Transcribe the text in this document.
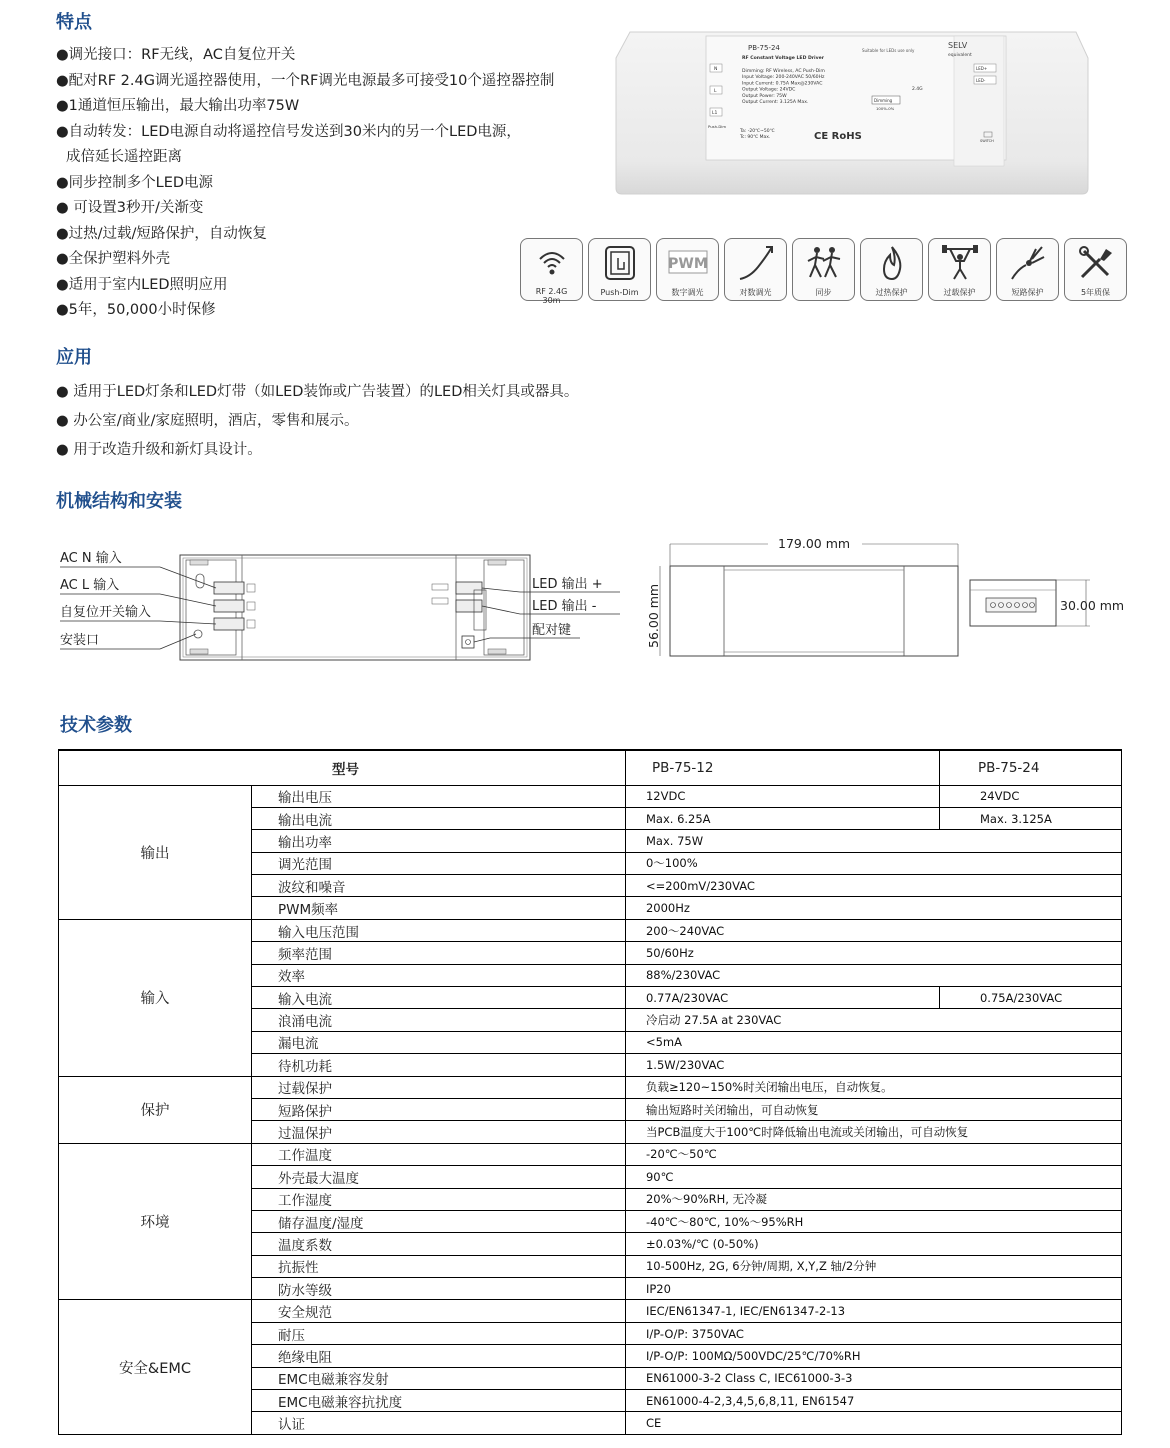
特点
●调光接口：RF无线，AC自复位开关
●配对RF 2.4G调光遥控器使用，一个RF调光电源最多可接受10个遥控器控制
●1通道恒压输出，最大输出功率75W
●自动转发：LED电源自动将遥控信号发送到30米内的另一个LED电源，
成倍延长遥控距离
●同步控制多个LED电源
● 可设置3秒开/关渐变
●过热/过载/短路保护，自动恢复
●全保护塑料外壳
●适用于室内LED照明应用
●5年，50,000小时保修
PB-75-24
RF Constant Voltage LED Driver
Suitable for LEDs use only
SELV
equivalent
Dimming: RF Wireless, AC Push-Dim
Input Voltage: 200-240VAC 50/60Hz
Input Current: 0.75A Max@230VAC
Output Voltage: 24VDC
Output Power: 75W
Output Current: 3.125A Max.
Ta: -20℃~50℃
Tc: 90℃ Max.	CE RoHS
N
L
L1
Push-Dim
LED+
LED-
2.4G
Dimming
100%-0%
SWITCH
RF 2.4G
30m
Push-Dim
PWM
数字调光	对数调光	同步	过热保护	过载保护	短路保护	5年质保
应用
● 适用于LED灯条和LED灯带（如LED装饰或广告装置）的LED相关灯具或器具。
● 办公室/商业/家庭照明，酒店，零售和展示。
● 用于改造升级和新灯具设计。
机械结构和安装
AC N 输入
AC L 输入
自复位开关输入
安装口
LED 输出 +
LED 输出 -
配对键
179.00 mm
56.00 mm	30.00 mm
技术参数
型号		PB-75-12	PB-75-24
输出	输出电压	12VDC	24VDC
	输出电流	Max. 6.25A	Max. 3.125A
	输出功率	Max. 75W	
	调光范围	0～100%	
	波纹和噪音	<=200mV/230VAC	
	PWM频率	2000Hz	
输入	输入电压范围	200～240VAC	
	频率范围	50/60Hz	
	效率	88%/230VAC	
	输入电流	0.77A/230VAC	0.75A/230VAC
	浪涌电流	冷启动 27.5A at 230VAC	
	漏电流	<5mA	
	待机功耗	1.5W/230VAC	
保护	过载保护	负载≥120~150%时关闭输出电压，自动恢复。	
	短路保护	输出短路时关闭输出，可自动恢复	
	过温保护	当PCB温度大于100℃时降低输出电流或关闭输出，可自动恢复	
环境	工作温度	-20℃～50℃	
	外壳最大温度	90℃	
	工作湿度	20%～90%RH, 无冷凝	
	储存温度/湿度	-40℃～80℃, 10%～95%RH	
	温度系数	±0.03%/℃ (0-50%)	
	抗振性	10-500Hz, 2G, 6分钟/周期, X,Y,Z 轴/2分钟	
	防水等级	IP20	
安全&EMC	安全规范	IEC/EN61347-1, IEC/EN61347-2-13	
	耐压	I/P-O/P: 3750VAC	
	绝缘电阻	I/P-O/P: 100MΩ/500VDC/25℃/70%RH	
	EMC电磁兼容发射	EN61000-3-2 Class C, IEC61000-3-3	
	EMC电磁兼容抗扰度	EN61000-4-2,3,4,5,6,8,11, EN61547	
	认证	CE	
